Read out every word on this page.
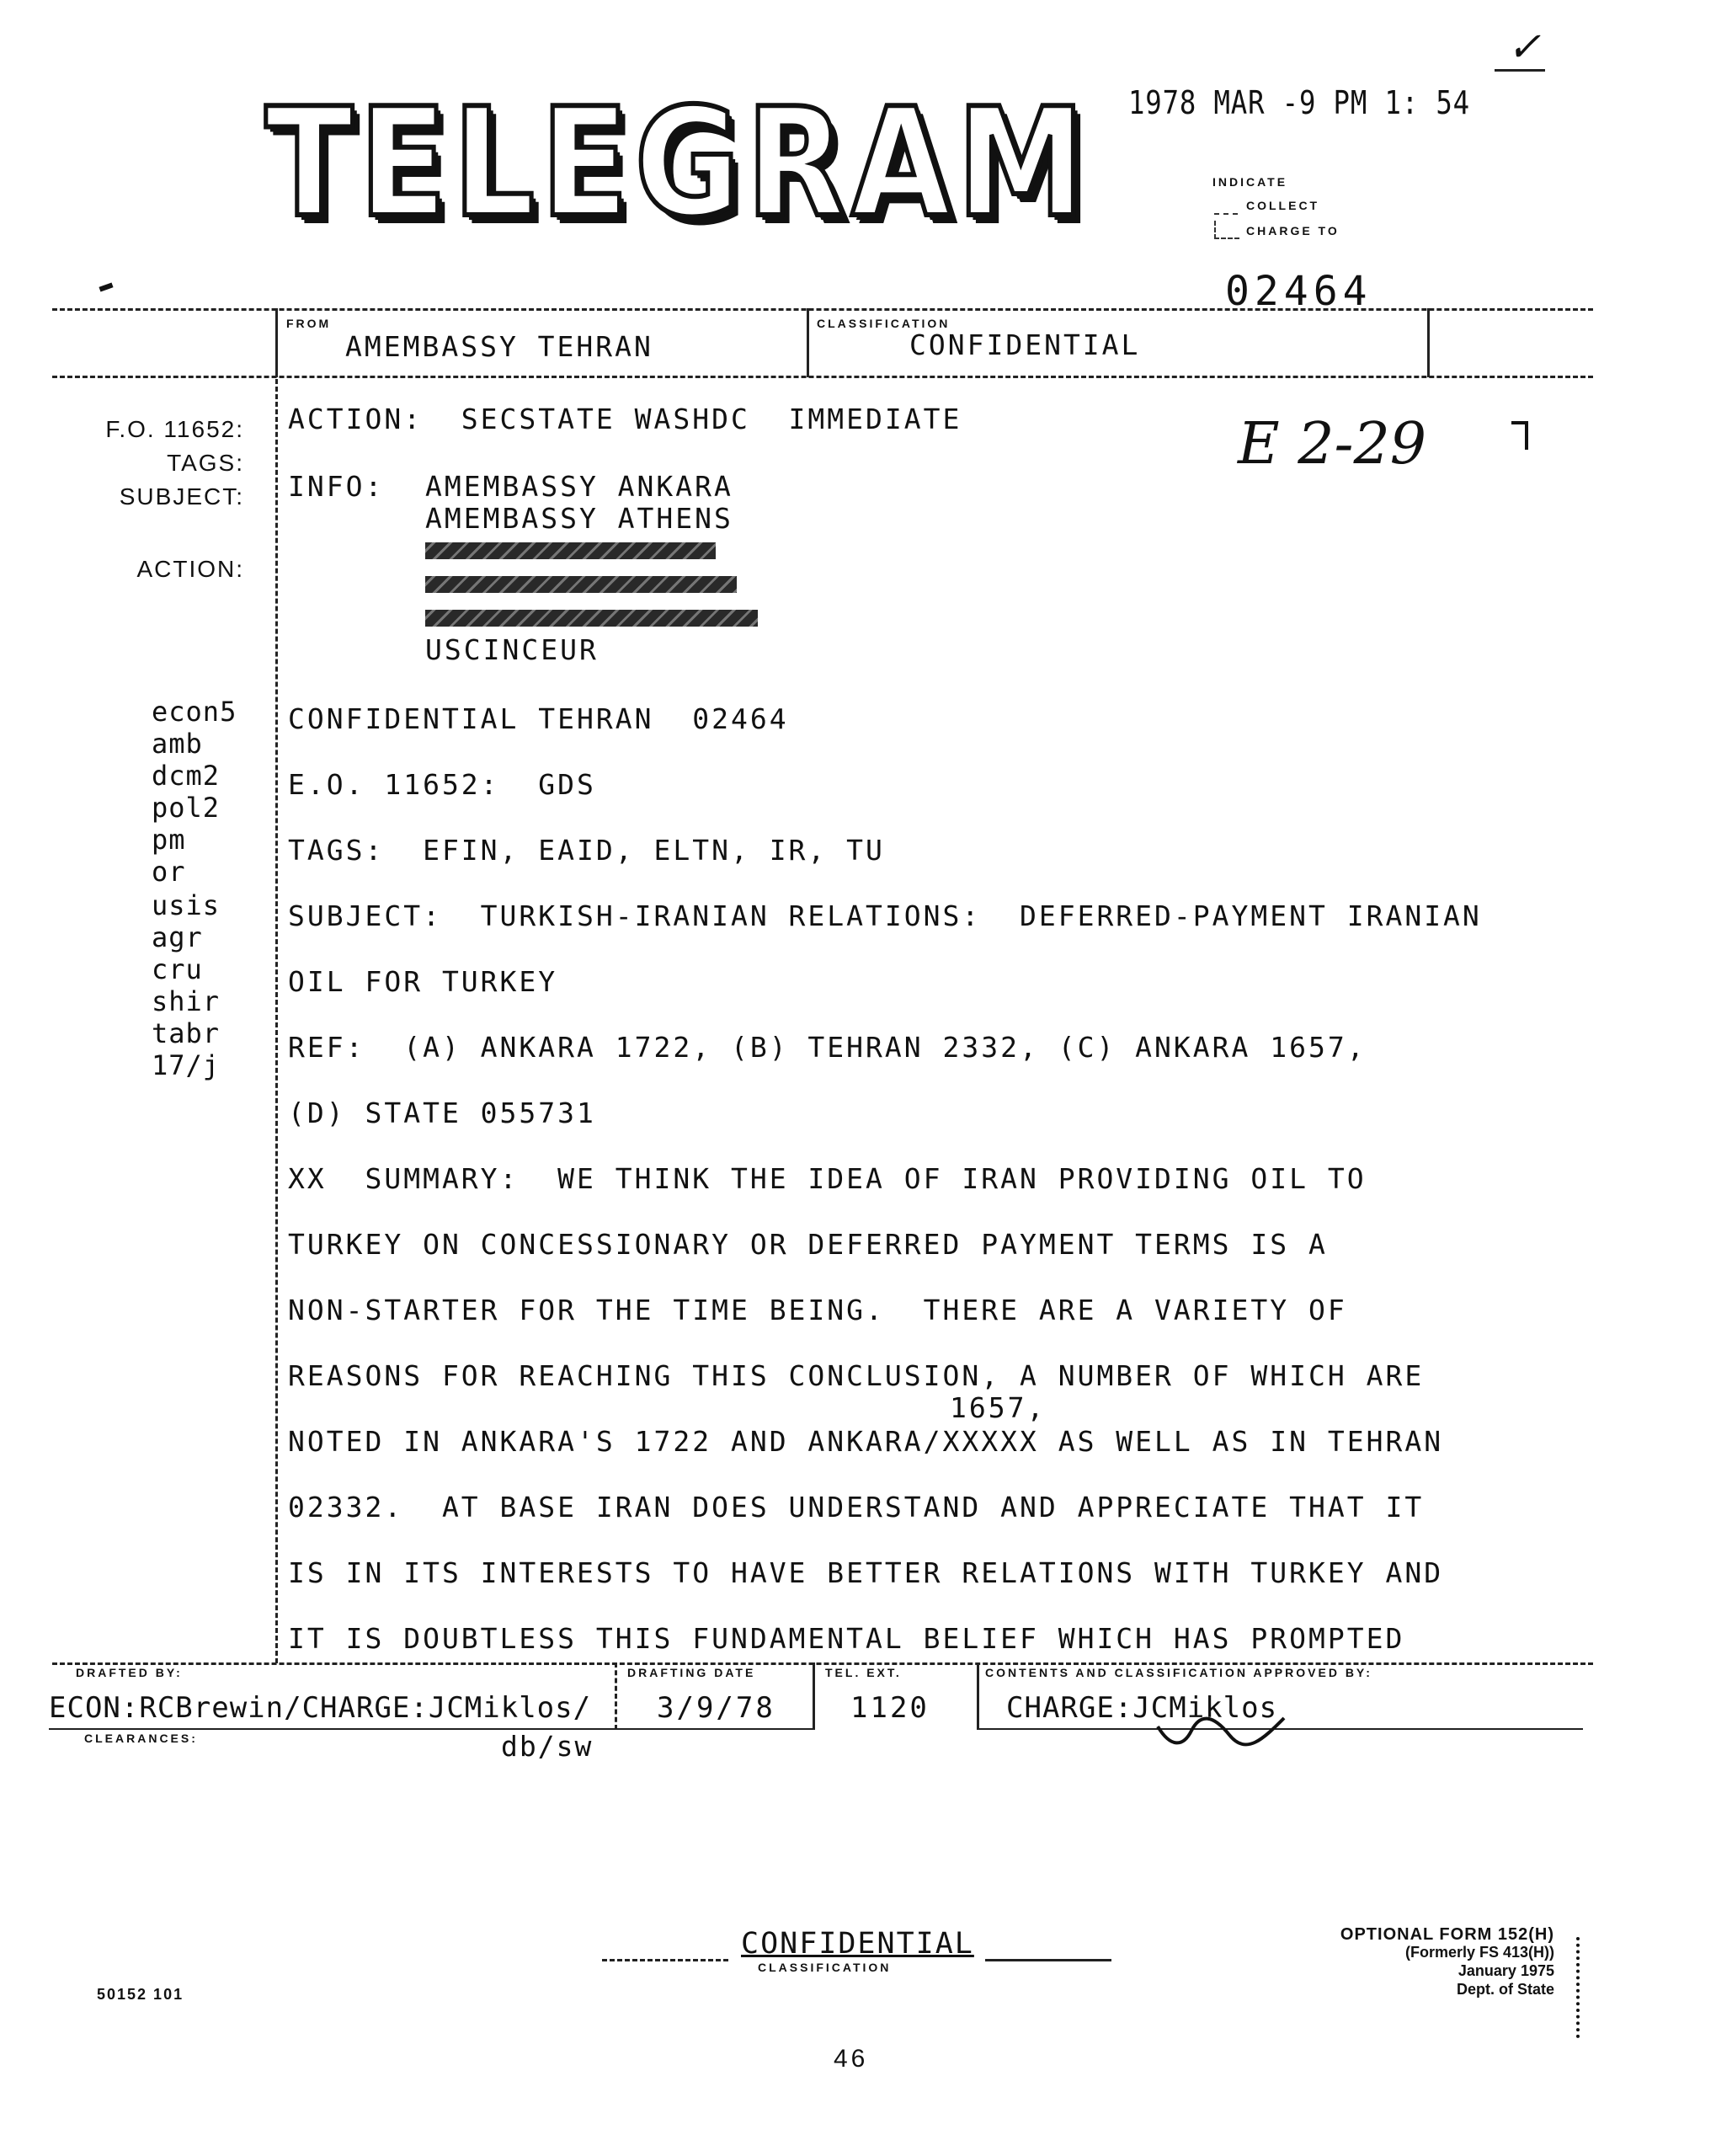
✓
TELEGRAM 1978 MAR -9 PM 1: 54
INDICATE
COLLECT
CHARGE TO
02464
FROM
AMEMBASSY TEHRAN
CLASSIFICATION
CONFIDENTIAL
F.O. 11652:
TAGS:
SUBJECT:
ACTION:
ACTION:  SECSTATE WASHDC  IMMEDIATE	E 2-29
INFO: AMEMBASSY ANKARA
AMEMBASSY ATHENS
USCINCEUR
econ5
amb
dcm2
pol2
pm
or
usis
agr
cru
shir
tabr
17/j
CONFIDENTIAL TEHRAN  02464
E.O. 11652:  GDS
TAGS:  EFIN, EAID, ELTN, IR, TU
SUBJECT:  TURKISH-IRANIAN RELATIONS:  DEFERRED-PAYMENT IRANIAN
OIL FOR TURKEY
REF:  (A) ANKARA 1722, (B) TEHRAN 2332, (C) ANKARA 1657,
(D) STATE 055731
XX  SUMMARY:  WE THINK THE IDEA OF IRAN PROVIDING OIL TO
TURKEY ON CONCESSIONARY OR DEFERRED PAYMENT TERMS IS A
NON-STARTER FOR THE TIME BEING.  THERE ARE A VARIETY OF
REASONS FOR REACHING THIS CONCLUSION, A NUMBER OF WHICH ARE
1657,
NOTED IN ANKARA'S 1722 AND ANKARA/XXXXX AS WELL AS IN TEHRAN
02332.  AT BASE IRAN DOES UNDERSTAND AND APPRECIATE THAT IT
IS IN ITS INTERESTS TO HAVE BETTER RELATIONS WITH TURKEY AND
IT IS DOUBTLESS THIS FUNDAMENTAL BELIEF WHICH HAS PROMPTED
DRAFTED BY:	DRAFTING DATE	TEL. EXT.	CONTENTS AND CLASSIFICATION APPROVED BY:
ECON:RCBrewin/CHARGE:JCMiklos/ 3/9/78	1120	CHARGE:JCMiklos
CLEARANCES:	db/sw
CONFIDENTIAL
CLASSIFICATION
50152 101
OPTIONAL FORM 152(H)
(Formerly FS 413(H))
January 1975
Dept. of State
46
